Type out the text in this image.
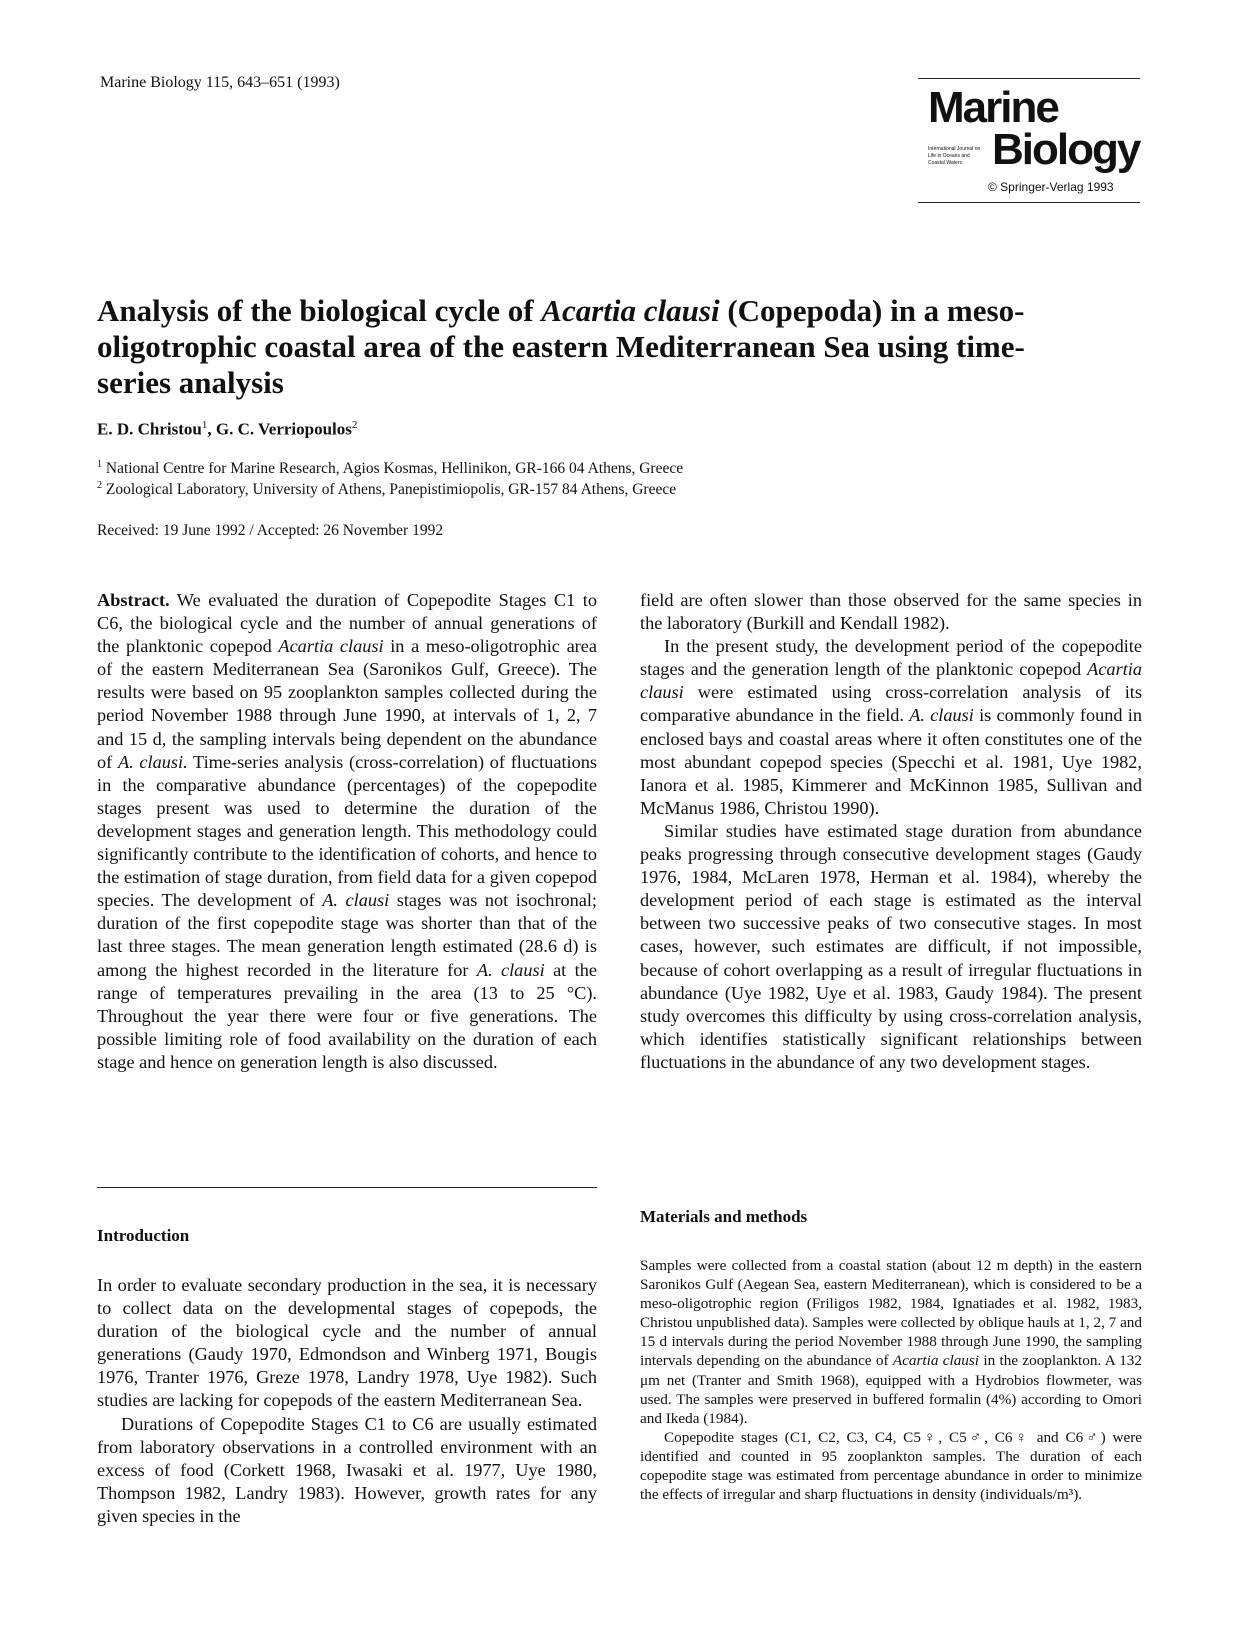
Marine Biology 115, 643–651 (1993)
Marine
International Journal on Life in Oceans and Coastal Waters Biology
© Springer-Verlag 1993
Analysis of the biological cycle of Acartia clausi (Copepoda) in a meso-oligotrophic coastal area of the eastern Mediterranean Sea using time-series analysis
E. D. Christou$^1$, G. C. Verriopoulos$^2$
$^1$ National Centre for Marine Research, Agios Kosmas, Hellinikon, GR-166 04 Athens, Greece
$^2$ Zoological Laboratory, University of Athens, Panepistimiopolis, GR-157 84 Athens, Greece
Received: 19 June 1992 / Accepted: 26 November 1992

Abstract. We evaluated the duration of Copepodite Stages C1 to C6, the biological cycle and the number of annual generations of the planktonic copepod Acartia clausi in a meso-oligotrophic area of the eastern Mediterranean Sea (Saronikos Gulf, Greece). The results were based on 95 zooplankton samples collected during the period November 1988 through June 1990, at intervals of 1, 2, 7 and 15 d, the sampling intervals being dependent on the abundance of A. clausi. Time-series analysis (cross-correlation) of fluctuations in the comparative abundance (percentages) of the copepodite stages present was used to determine the duration of the development stages and generation length. This methodology could significantly contribute to the identification of cohorts, and hence to the estimation of stage duration, from field data for a given copepod species. The development of A. clausi stages was not isochronal; duration of the first copepodite stage was shorter than that of the last three stages. The mean generation length estimated (28.6 d) is among the highest recorded in the literature for A. clausi at the range of temperatures prevailing in the area (13 to 25 °C). Throughout the year there were four or five generations. The possible limiting role of food availability on the duration of each stage and hence on generation length is also discussed.

Introduction

In order to evaluate secondary production in the sea, it is necessary to collect data on the developmental stages of copepods, the duration of the biological cycle and the number of annual generations (Gaudy 1970, Edmondson and Winberg 1971, Bougis 1976, Tranter 1976, Greze 1978, Landry 1978, Uye 1982). Such studies are lacking for copepods of the eastern Mediterranean Sea.

Durations of Copepodite Stages C1 to C6 are usually estimated from laboratory observations in a controlled environment with an excess of food (Corkett 1968, Iwasaki et al. 1977, Uye 1980, Thompson 1982, Landry 1983). However, growth rates for any given species in the

field are often slower than those observed for the same species in the laboratory (Burkill and Kendall 1982).

In the present study, the development period of the copepodite stages and the generation length of the planktonic copepod Acartia clausi were estimated using cross-correlation analysis of its comparative abundance in the field. A. clausi is commonly found in enclosed bays and coastal areas where it often constitutes one of the most abundant copepod species (Specchi et al. 1981, Uye 1982, Ianora et al. 1985, Kimmerer and McKinnon 1985, Sullivan and McManus 1986, Christou 1990).

Similar studies have estimated stage duration from abundance peaks progressing through consecutive development stages (Gaudy 1976, 1984, McLaren 1978, Herman et al. 1984), whereby the development period of each stage is estimated as the interval between two successive peaks of two consecutive stages. In most cases, however, such estimates are difficult, if not impossible, because of cohort overlapping as a result of irregular fluctuations in abundance (Uye 1982, Uye et al. 1983, Gaudy 1984). The present study overcomes this difficulty by using cross-correlation analysis, which identifies statistically significant relationships between fluctuations in the abundance of any two development stages.

Materials and methods

Samples were collected from a coastal station (about 12 m depth) in the eastern Saronikos Gulf (Aegean Sea, eastern Mediterranean), which is considered to be a meso-oligotrophic region (Friligos 1982, 1984, Ignatiades et al. 1982, 1983, Christou unpublished data). Samples were collected by oblique hauls at 1, 2, 7 and 15 d intervals during the period November 1988 through June 1990, the sampling intervals depending on the abundance of Acartia clausi in the zooplankton. A 132 μm net (Tranter and Smith 1968), equipped with a Hydrobios flowmeter, was used. The samples were preserved in buffered formalin (4%) according to Omori and Ikeda (1984).

Copepodite stages (C1, C2, C3, C4, C5♀, C5♂, C6♀ and C6♂) were identified and counted in 95 zooplankton samples. The duration of each copepodite stage was estimated from percentage abundance in order to minimize the effects of irregular and sharp fluctuations in density (individuals/m³).
